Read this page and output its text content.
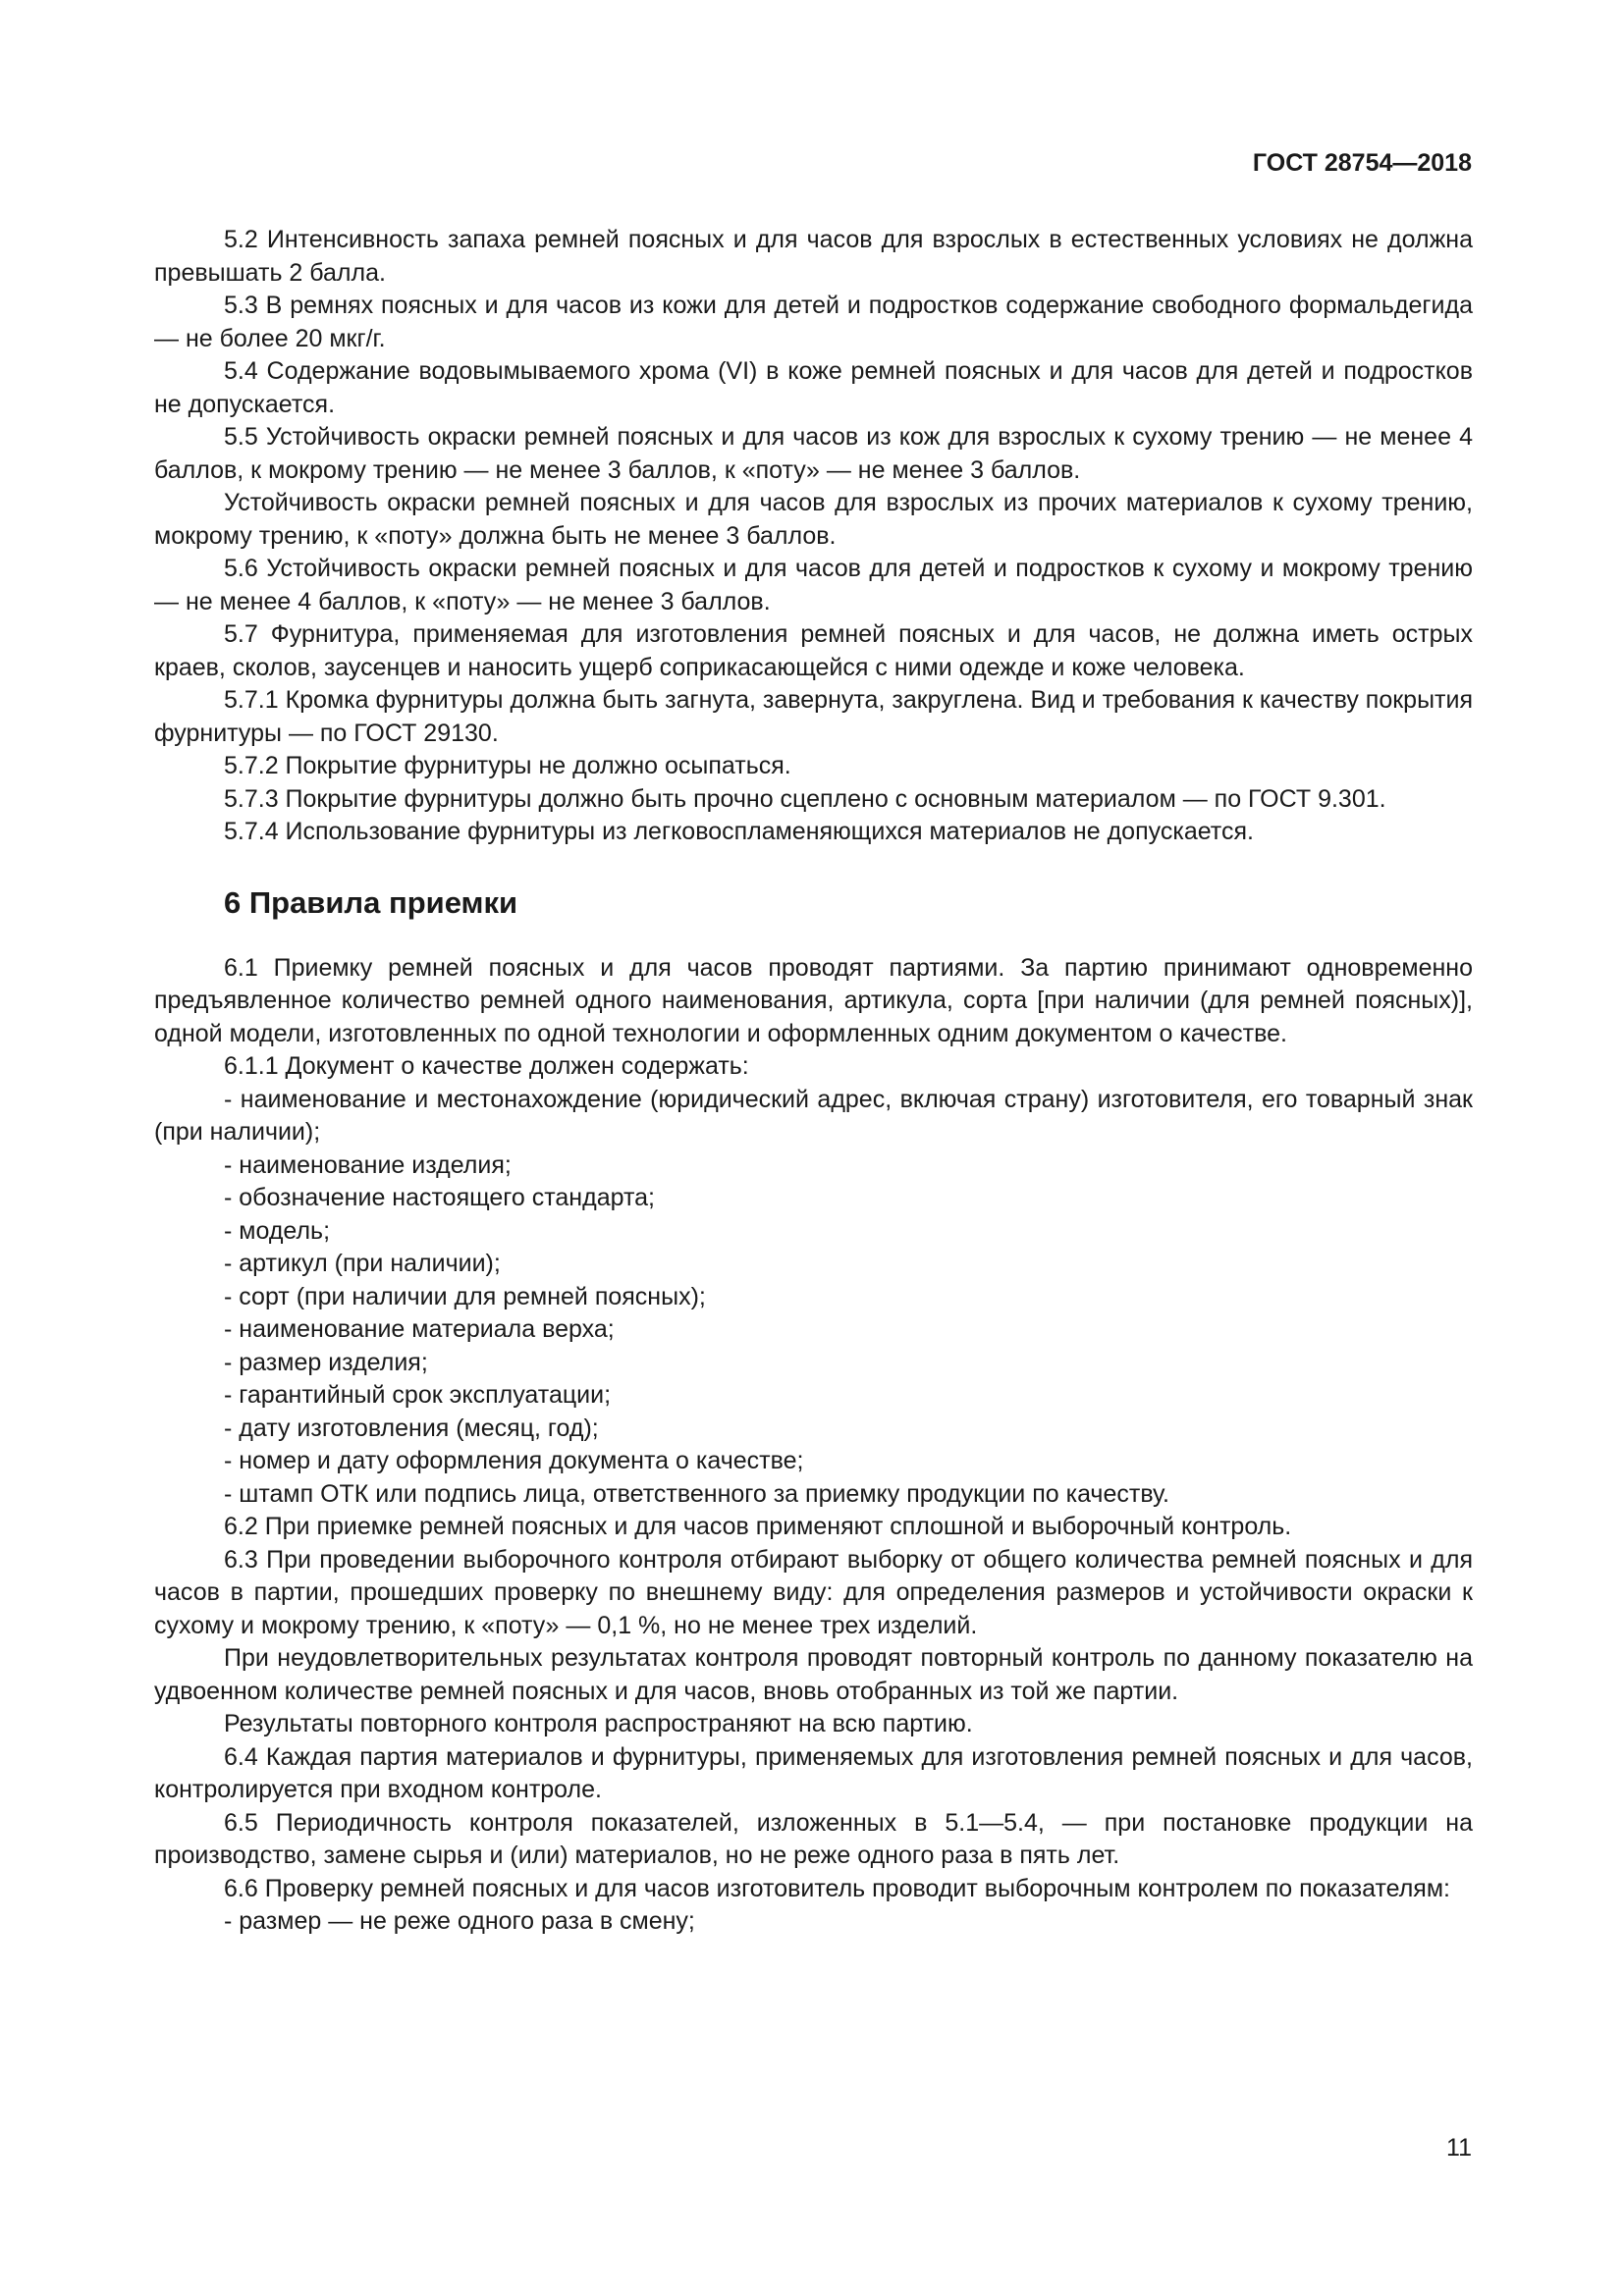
ГОСТ 28754—2018

5.2 Интенсивность запаха ремней поясных и для часов для взрослых в естественных условиях не должна превышать 2 балла.

5.3 В ремнях поясных и для часов из кожи для детей и подростков содержание свободного формальдегида — не более 20 мкг/г.

5.4 Содержание водовымываемого хрома (VI) в коже ремней поясных и для часов для детей и подростков не допускается.

5.5 Устойчивость окраски ремней поясных и для часов из кож для взрослых к сухому трению — не менее 4 баллов, к мокрому трению — не менее 3 баллов, к «поту» — не менее 3 баллов.

Устойчивость окраски ремней поясных и для часов для взрослых из прочих материалов к сухому трению, мокрому трению, к «поту» должна быть не менее 3 баллов.

5.6 Устойчивость окраски ремней поясных и для часов для детей и подростков к сухому и мокрому трению — не менее 4 баллов, к «поту» — не менее 3 баллов.

5.7 Фурнитура, применяемая для изготовления ремней поясных и для часов, не должна иметь острых краев, сколов, заусенцев и наносить ущерб соприкасающейся с ними одежде и коже человека.

5.7.1 Кромка фурнитуры должна быть загнута, завернута, закруглена. Вид и требования к качеству покрытия фурнитуры — по ГОСТ 29130.

5.7.2 Покрытие фурнитуры не должно осыпаться.

5.7.3 Покрытие фурнитуры должно быть прочно сцеплено с основным материалом — по ГОСТ 9.301.

5.7.4 Использование фурнитуры из легковоспламеняющихся материалов не допускается.

6 Правила приемки

6.1 Приемку ремней поясных и для часов проводят партиями. За партию принимают одновременно предъявленное количество ремней одного наименования, артикула, сорта [при наличии (для ремней поясных)], одной модели, изготовленных по одной технологии и оформленных одним документом о качестве.

6.1.1 Документ о качестве должен содержать:

- наименование и местонахождение (юридический адрес, включая страну) изготовителя, его товарный знак (при наличии);

- наименование изделия;

- обозначение настоящего стандарта;

- модель;

- артикул (при наличии);

- сорт (при наличии для ремней поясных);

- наименование материала верха;

- размер изделия;

- гарантийный срок эксплуатации;

- дату изготовления (месяц, год);

- номер и дату оформления документа о качестве;

- штамп ОТК или подпись лица, ответственного за приемку продукции по качеству.

6.2 При приемке ремней поясных и для часов применяют сплошной и выборочный контроль.

6.3 При проведении выборочного контроля отбирают выборку от общего количества ремней поясных и для часов в партии, прошедших проверку по внешнему виду: для определения размеров и устойчивости окраски к сухому и мокрому трению, к «поту» — 0,1 %, но не менее трех изделий.

При неудовлетворительных результатах контроля проводят повторный контроль по данному показателю на удвоенном количестве ремней поясных и для часов, вновь отобранных из той же партии.

Результаты повторного контроля распространяют на всю партию.

6.4 Каждая партия материалов и фурнитуры, применяемых для изготовления ремней поясных и для часов, контролируется при входном контроле.

6.5 Периодичность контроля показателей, изложенных в 5.1—5.4, — при постановке продукции на производство, замене сырья и (или) материалов, но не реже одного раза в пять лет.

6.6 Проверку ремней поясных и для часов изготовитель проводит выборочным контролем по показателям:

- размер — не реже одного раза в смену;

11
